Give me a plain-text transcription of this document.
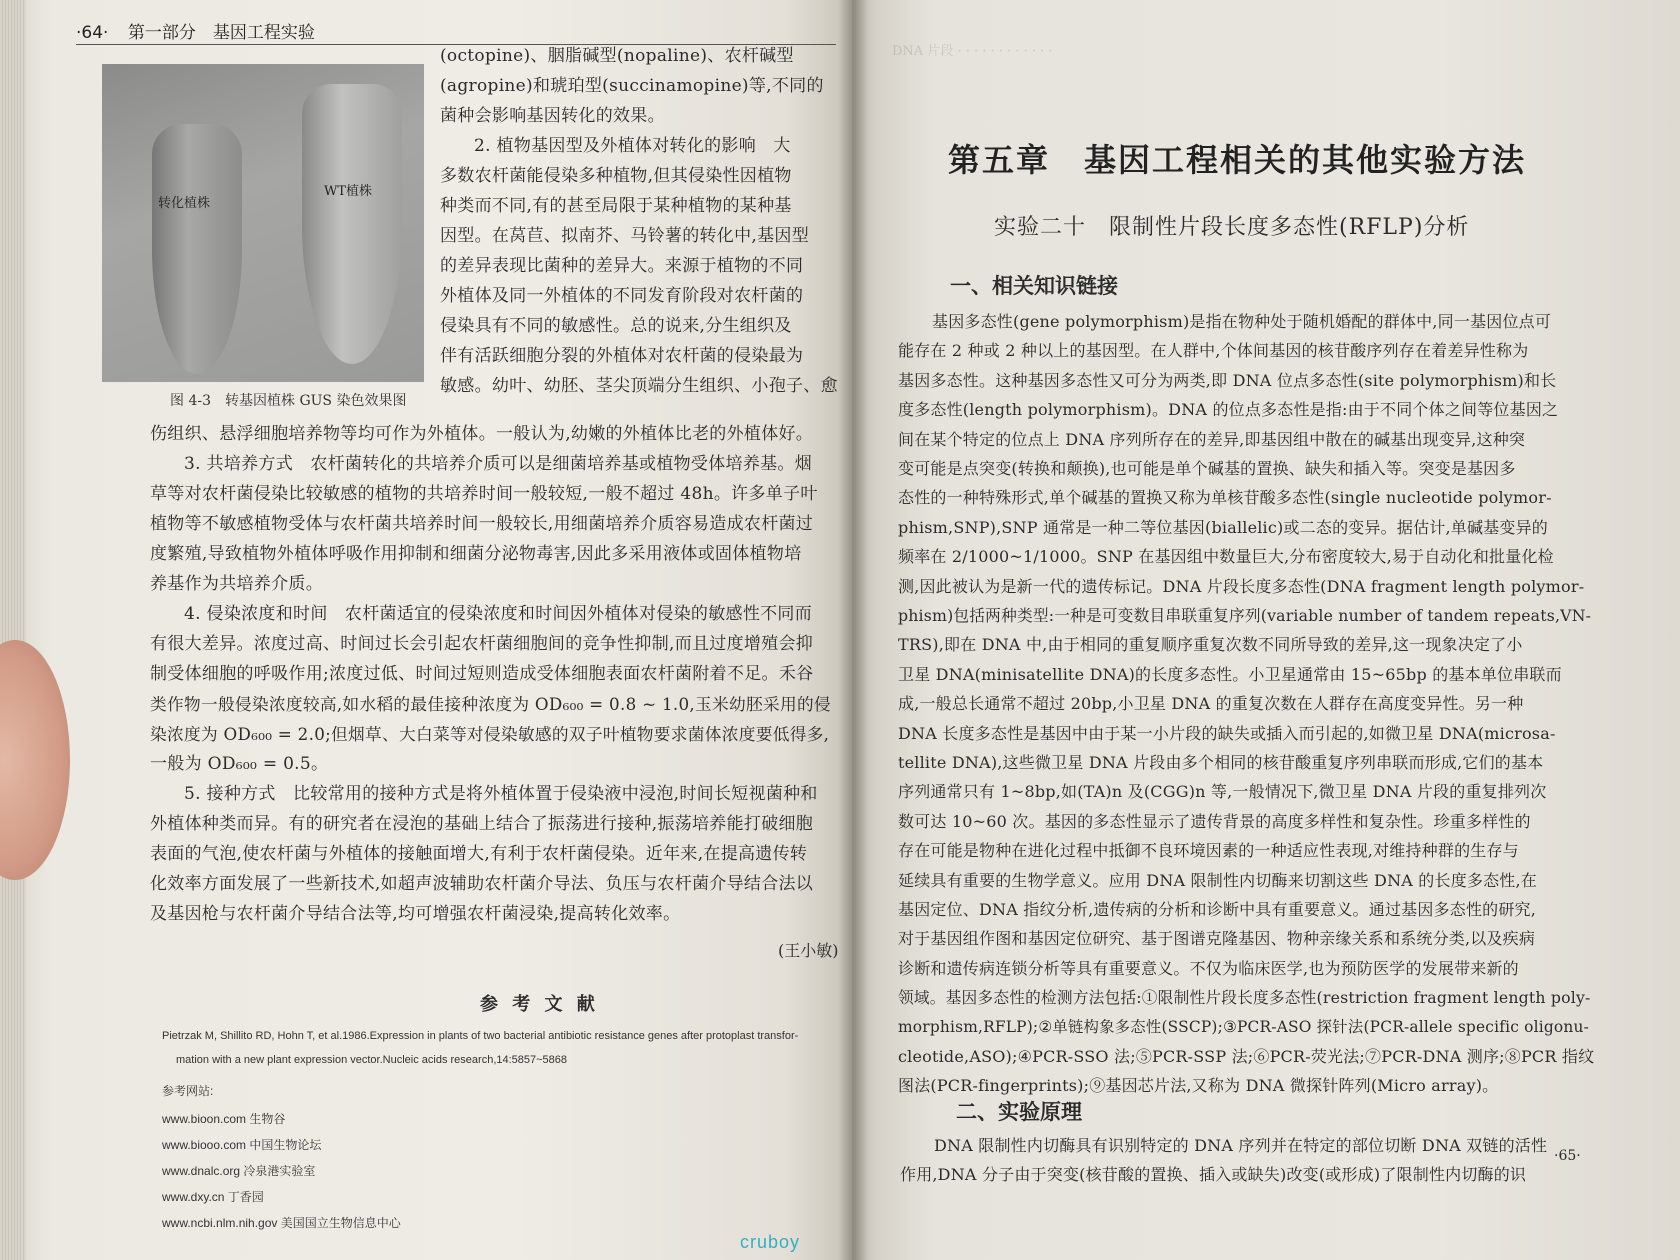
·64· 第一部分　基因工程实验
转化植株
WT植株
图 4-3　转基因植株 GUS 染色效果图

(octopine)、胭脂碱型(nopaline)、农杆碱型

(agropine)和琥珀型(succinamopine)等,不同的

菌种会影响基因转化的效果。

2. 植物基因型及外植体对转化的影响　大

多数农杆菌能侵染多种植物,但其侵染性因植物

种类而不同,有的甚至局限于某种植物的某种基

因型。在莴苣、拟南芥、马铃薯的转化中,基因型

的差异表现比菌种的差异大。来源于植物的不同

外植体及同一外植体的不同发育阶段对农杆菌的

侵染具有不同的敏感性。总的说来,分生组织及

伴有活跃细胞分裂的外植体对农杆菌的侵染最为

敏感。幼叶、幼胚、茎尖顶端分生组织、小孢子、愈

伤组织、悬浮细胞培养物等均可作为外植体。一般认为,幼嫩的外植体比老的外植体好。

3. 共培养方式　农杆菌转化的共培养介质可以是细菌培养基或植物受体培养基。烟

草等对农杆菌侵染比较敏感的植物的共培养时间一般较短,一般不超过 48h。许多单子叶

植物等不敏感植物受体与农杆菌共培养时间一般较长,用细菌培养介质容易造成农杆菌过

度繁殖,导致植物外植体呼吸作用抑制和细菌分泌物毒害,因此多采用液体或固体植物培

养基作为共培养介质。

4. 侵染浓度和时间　农杆菌适宜的侵染浓度和时间因外植体对侵染的敏感性不同而

有很大差异。浓度过高、时间过长会引起农杆菌细胞间的竞争性抑制,而且过度增殖会抑

制受体细胞的呼吸作用;浓度过低、时间过短则造成受体细胞表面农杆菌附着不足。禾谷

类作物一般侵染浓度较高,如水稻的最佳接种浓度为 OD₆₀₀ = 0.8 ~ 1.0,玉米幼胚采用的侵

染浓度为 OD₆₀₀ = 2.0;但烟草、大白菜等对侵染敏感的双子叶植物要求菌体浓度要低得多,

一般为 OD₆₀₀ = 0.5。

5. 接种方式　比较常用的接种方式是将外植体置于侵染液中浸泡,时间长短视菌种和

外植体种类而异。有的研究者在浸泡的基础上结合了振荡进行接种,振荡培养能打破细胞

表面的气泡,使农杆菌与外植体的接触面增大,有利于农杆菌侵染。近年来,在提高遗传转

化效率方面发展了一些新技术,如超声波辅助农杆菌介导法、负压与农杆菌介导结合法以

及基因枪与农杆菌介导结合法等,均可增强农杆菌浸染,提高转化效率。

(王小敏)
参 考 文 献
Pietrzak M, Shillito RD, Hohn T, et al.1986.Expression in plants of two bacterial antibiotic resistance genes after protoplast transfor-
mation with a new plant expression vector.Nucleic acids research,14:5857~5868
参考网站:
www.bioon.com 生物谷
www.biooo.com 中国生物论坛
www.dnalc.org 冷泉港实验室
www.dxy.cn 丁香园
www.ncbi.nlm.nih.gov 美国国立生物信息中心
DNA 片段 · · · · · · · · · · · ·
第五章　基因工程相关的其他实验方法
实验二十　限制性片段长度多态性(RFLP)分析
一、相关知识链接

基因多态性(gene polymorphism)是指在物种处于随机婚配的群体中,同一基因位点可

能存在 2 种或 2 种以上的基因型。在人群中,个体间基因的核苷酸序列存在着差异性称为

基因多态性。这种基因多态性又可分为两类,即 DNA 位点多态性(site polymorphism)和长

度多态性(length polymorphism)。DNA 的位点多态性是指:由于不同个体之间等位基因之

间在某个特定的位点上 DNA 序列所存在的差异,即基因组中散在的碱基出现变异,这种突

变可能是点突变(转换和颠换),也可能是单个碱基的置换、缺失和插入等。突变是基因多

态性的一种特殊形式,单个碱基的置换又称为单核苷酸多态性(single nucleotide polymor-

phism,SNP),SNP 通常是一种二等位基因(biallelic)或二态的变异。据估计,单碱基变异的

频率在 2/1000~1/1000。SNP 在基因组中数量巨大,分布密度较大,易于自动化和批量化检

测,因此被认为是新一代的遗传标记。DNA 片段长度多态性(DNA fragment length polymor-

phism)包括两种类型:一种是可变数目串联重复序列(variable number of tandem repeats,VN-

TRS),即在 DNA 中,由于相同的重复顺序重复次数不同所导致的差异,这一现象决定了小

卫星 DNA(minisatellite DNA)的长度多态性。小卫星通常由 15~65bp 的基本单位串联而

成,一般总长通常不超过 20bp,小卫星 DNA 的重复次数在人群存在高度变异性。另一种

DNA 长度多态性是基因中由于某一小片段的缺失或插入而引起的,如微卫星 DNA(microsa-

tellite DNA),这些微卫星 DNA 片段由多个相同的核苷酸重复序列串联而形成,它们的基本

序列通常只有 1~8bp,如(TA)n 及(CGG)n 等,一般情况下,微卫星 DNA 片段的重复排列次

数可达 10~60 次。基因的多态性显示了遗传背景的高度多样性和复杂性。珍重多样性的

存在可能是物种在进化过程中抵御不良环境因素的一种适应性表现,对维持种群的生存与

延续具有重要的生物学意义。应用 DNA 限制性内切酶来切割这些 DNA 的长度多态性,在

基因定位、DNA 指纹分析,遗传病的分析和诊断中具有重要意义。通过基因多态性的研究,

对于基因组作图和基因定位研究、基于图谱克隆基因、物种亲缘关系和系统分类,以及疾病

诊断和遗传病连锁分析等具有重要意义。不仅为临床医学,也为预防医学的发展带来新的

领域。基因多态性的检测方法包括:①限制性片段长度多态性(restriction fragment length poly-

morphism,RFLP);②单链构象多态性(SSCP);③PCR-ASO 探针法(PCR-allele specific oligonu-

cleotide,ASO);④PCR-SSO 法;⑤PCR-SSP 法;⑥PCR-荧光法;⑦PCR-DNA 测序;⑧PCR 指纹

图法(PCR-fingerprints);⑨基因芯片法,又称为 DNA 微探针阵列(Micro array)。

二、实验原理

DNA 限制性内切酶具有识别特定的 DNA 序列并在特定的部位切断 DNA 双链的活性

作用,DNA 分子由于突变(核苷酸的置换、插入或缺失)改变(或形成)了限制性内切酶的识

·65·
cruboy
